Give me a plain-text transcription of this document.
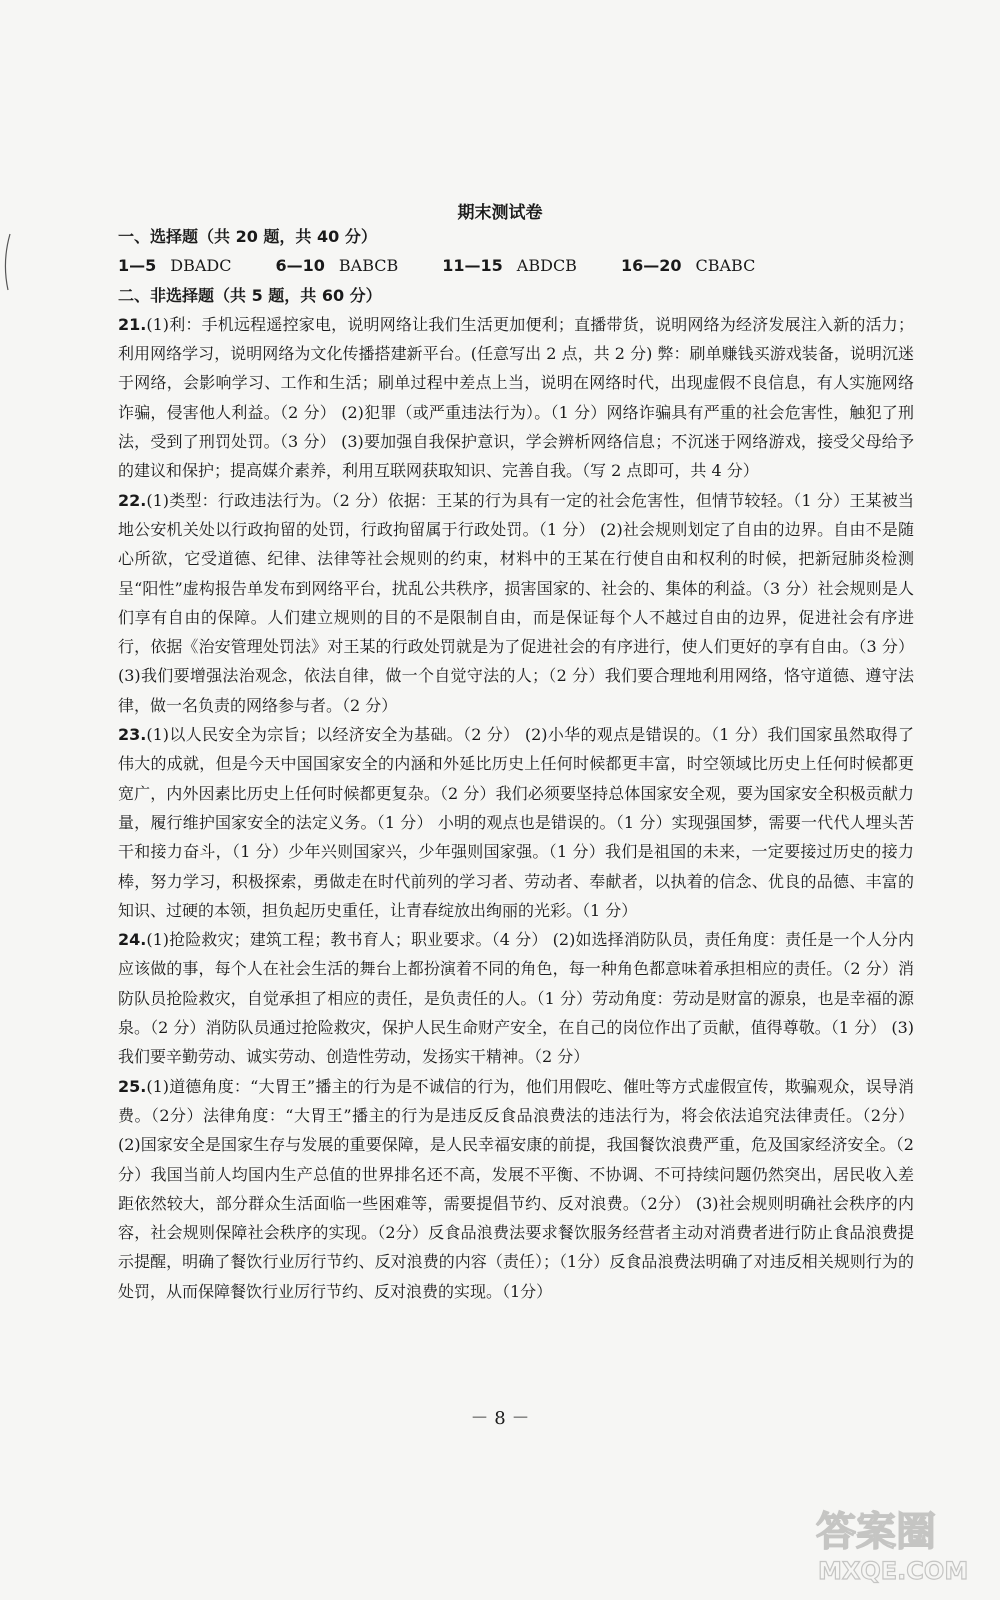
期末测试卷
一、选择题（共 20 题，共 40 分）
1—5 DBADC	6—10 BABCB	11—15 ABDCB	16—20 CBABC
二、非选择题（共 5 题，共 60 分）

21.(1)利：手机远程遥控家电，说明网络让我们生活更加便利；直播带货，说明网络为经济发展注入新的活力；利用网络学习，说明网络为文化传播搭建新平台。(任意写出 2 点，共 2 分) 弊：刷单赚钱买游戏装备，说明沉迷于网络，会影响学习、工作和生活；刷单过程中差点上当，说明在网络时代，出现虚假不良信息，有人实施网络诈骗，侵害他人利益。（2 分） (2)犯罪（或严重违法行为）。（1 分）网络诈骗具有严重的社会危害性，触犯了刑法，受到了刑罚处罚。（3 分） (3)要加强自我保护意识，学会辨析网络信息；不沉迷于网络游戏，接受父母给予的建议和保护；提高媒介素养，利用互联网获取知识、完善自我。（写 2 点即可，共 4 分）

22.(1)类型：行政违法行为。（2 分）依据：王某的行为具有一定的社会危害性，但情节较轻。（1 分）王某被当地公安机关处以行政拘留的处罚，行政拘留属于行政处罚。（1 分） (2)社会规则划定了自由的边界。自由不是随心所欲，它受道德、纪律、法律等社会规则的约束，材料中的王某在行使自由和权利的时候，把新冠肺炎检测呈“阳性”虚构报告单发布到网络平台，扰乱公共秩序，损害国家的、社会的、集体的利益。（3 分）社会规则是人们享有自由的保障。人们建立规则的目的不是限制自由，而是保证每个人不越过自由的边界，促进社会有序进行，依据《治安管理处罚法》对王某的行政处罚就是为了促进社会的有序进行，使人们更好的享有自由。（3 分） (3)我们要增强法治观念，依法自律，做一个自觉守法的人；（2 分）我们要合理地利用网络，恪守道德、遵守法律，做一名负责的网络参与者。（2 分）

23.(1)以人民安全为宗旨；以经济安全为基础。（2 分） (2)小华的观点是错误的。（1 分）我们国家虽然取得了伟大的成就，但是今天中国国家安全的内涵和外延比历史上任何时候都更丰富，时空领域比历史上任何时候都更宽广，内外因素比历史上任何时候都更复杂。（2 分）我们必须要坚持总体国家安全观，要为国家安全积极贡献力量，履行维护国家安全的法定义务。（1 分） 小明的观点也是错误的。（1 分）实现强国梦，需要一代代人埋头苦干和接力奋斗，（1 分）少年兴则国家兴，少年强则国家强。（1 分）我们是祖国的未来，一定要接过历史的接力棒，努力学习，积极探索，勇做走在时代前列的学习者、劳动者、奉献者，以执着的信念、优良的品德、丰富的知识、过硬的本领，担负起历史重任，让青春绽放出绚丽的光彩。（1 分）

24.(1)抢险救灾；建筑工程；教书育人；职业要求。（4 分） (2)如选择消防队员，责任角度：责任是一个人分内应该做的事，每个人在社会生活的舞台上都扮演着不同的角色，每一种角色都意味着承担相应的责任。（2 分）消防队员抢险救灾，自觉承担了相应的责任，是负责任的人。（1 分）劳动角度：劳动是财富的源泉，也是幸福的源泉。（2 分）消防队员通过抢险救灾，保护人民生命财产安全，在自己的岗位作出了贡献，值得尊敬。（1 分） (3)我们要辛勤劳动、诚实劳动、创造性劳动，发扬实干精神。（2 分）

25.(1)道德角度：“大胃王”播主的行为是不诚信的行为，他们用假吃、催吐等方式虚假宣传，欺骗观众，误导消费。（2分）法律角度：“大胃王”播主的行为是违反反食品浪费法的违法行为，将会依法追究法律责任。（2分） (2)国家安全是国家生存与发展的重要保障，是人民幸福安康的前提，我国餐饮浪费严重，危及国家经济安全。（2分）我国当前人均国内生产总值的世界排名还不高，发展不平衡、不协调、不可持续问题仍然突出，居民收入差距依然较大，部分群众生活面临一些困难等，需要提倡节约、反对浪费。（2分） (3)社会规则明确社会秩序的内容，社会规则保障社会秩序的实现。（2分）反食品浪费法要求餐饮服务经营者主动对消费者进行防止食品浪费提示提醒，明确了餐饮行业厉行节约、反对浪费的内容（责任）；（1分）反食品浪费法明确了对违反相关规则行为的处罚，从而保障餐饮行业厉行节约、反对浪费的实现。（1分）

－ 8 －
答案圈
MXQE.COM
